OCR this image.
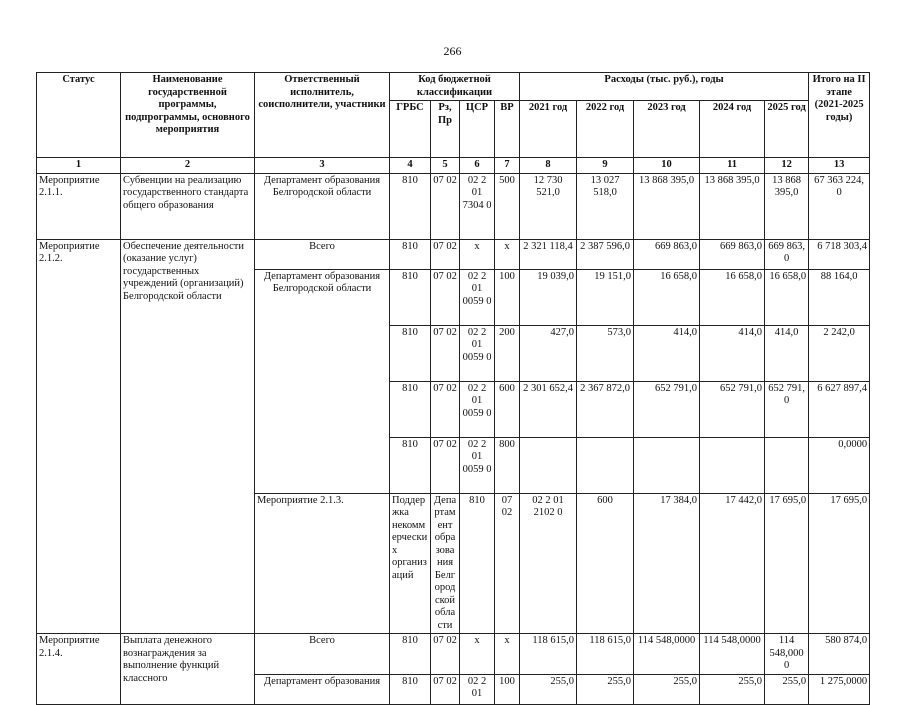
266
Статус	Наименование государственной программы, подпрограммы, основного мероприятия	Ответственный исполнитель, соисполнители, участники	Код бюджетной классификации				Расходы (тыс. руб.), годы					Итого на II этапе (2021-2025 годы)	
			ГРБС	Рз, Пр	ЦСР	ВР	2021 год	2022 год	2023 год	2024 год	2025 год		
1	2	3	4	5	6	7	8	9	10	11	12	13	
Мероприятие 2.1.1.	Субвенции на реализацию государственного стандарта общего образования	Департамент образования Белгородской области	810	07 02	02 2 01 7304 0	500	12 730 521,0	13 027 518,0	13 868 395,0	13 868 395,0	13 868 395,0	67 363 224, 0	
Мероприятие 2.1.2.	Обеспечение деятельности (оказание услуг) государственных учреждений (организаций) Белгородской области	Всего	810	07 02	х	х	2 321 118,4	2 387 596,0	669 863,0	669 863,0	669 863, 0	6 718 303,4	
		Департамент образования Белгородской области	810	07 02	02 2 01 0059 0	100	19 039,0	19 151,0	16 658,0	16 658,0	16 658,0	88 164,0	
			810	07 02	02 2 01 0059 0	200	427,0	573,0	414,0	414,0	414,0	2 242,0	
			810	07 02	02 2 01 0059 0	600	2 301 652,4	2 367 872,0	652 791,0	652 791,0	652 791, 0	6 627 897,4	
			810	07 02	02 2 01 0059 0	800						0,0000	
		Мероприятие 2.1.3.	Поддержка некоммерческих организаций	Департамент образования Белгородской области	810	07 02	02 2 01 2102 0	600	17 384,0	17 442,0	17 695,0	17 695,0		
Мероприятие 2.1.4.	Выплата денежного вознаграждения за выполнение функций классного	Всего	810	07 02	х	х	118 615,0	118 615,0	114 548,0000	114 548,0000	114 548,0000	580 874,0	
		Департамент образования	810	07 02	02 2 01	100	255,0	255,0	255,0	255,0	255,0	1 275,0000	
